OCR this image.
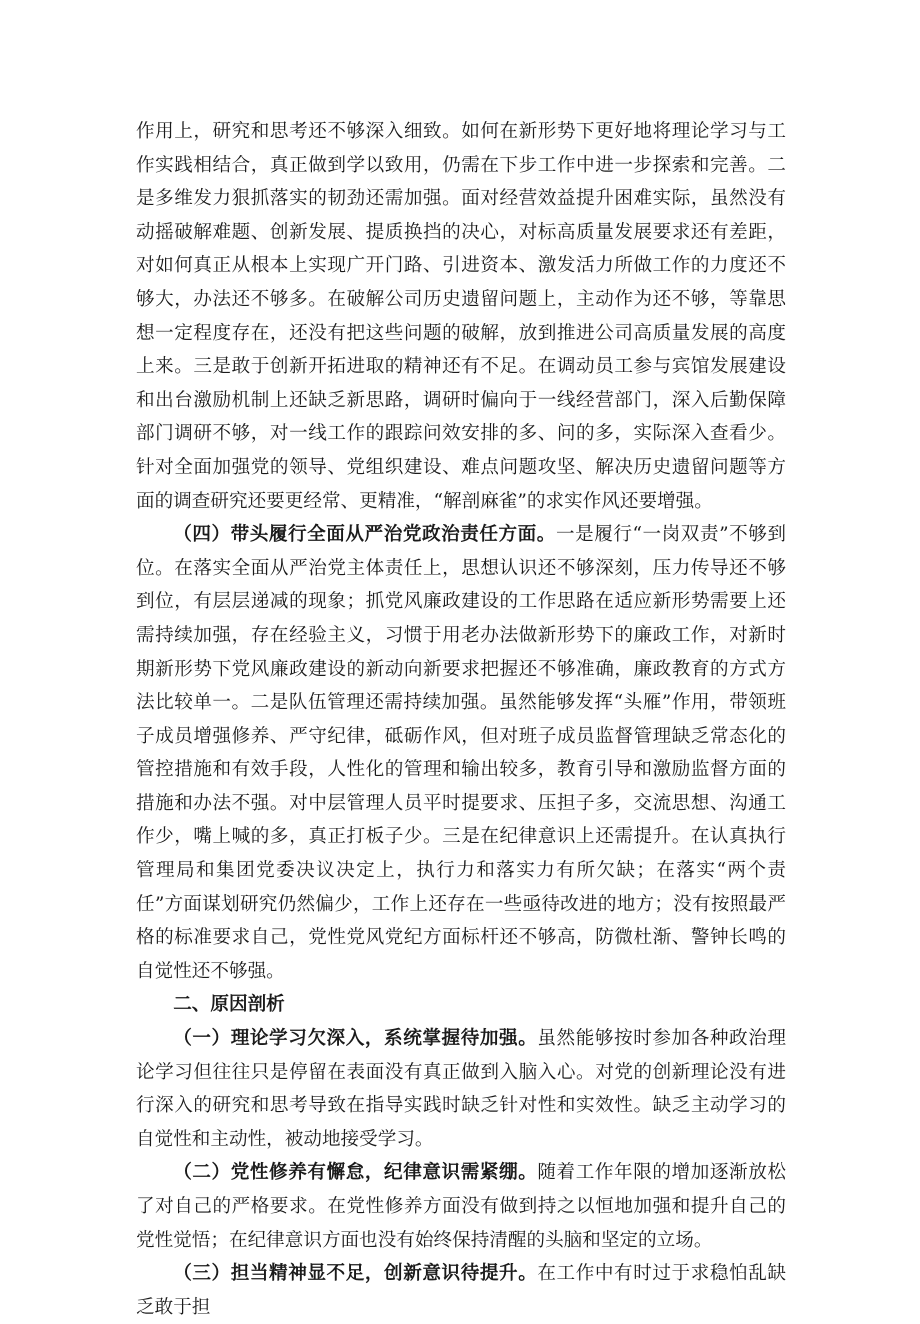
作用上，研究和思考还不够深入细致。如何在新形势下更好地将理论学习与工作实践相结合，真正做到学以致用，仍需在下步工作中进一步探索和完善。二是多维发力狠抓落实的韧劲还需加强。面对经营效益提升困难实际，虽然没有动摇破解难题、创新发展、提质换挡的决心，对标高质量发展要求还有差距，对如何真正从根本上实现广开门路、引进资本、激发活力所做工作的力度还不够大，办法还不够多。在破解公司历史遗留问题上，主动作为还不够，等靠思想一定程度存在，还没有把这些问题的破解，放到推进公司高质量发展的高度上来。三是敢于创新开拓进取的精神还有不足。在调动员工参与宾馆发展建设和出台激励机制上还缺乏新思路，调研时偏向于一线经营部门，深入后勤保障部门调研不够，对一线工作的跟踪问效安排的多、问的多，实际深入查看少。针对全面加强党的领导、党组织建设、难点问题攻坚、解决历史遗留问题等方面的调查研究还要更经常、更精准，“解剖麻雀”的求实作风还要增强。

（四）带头履行全面从严治党政治责任方面。一是履行“一岗双责”不够到位。在落实全面从严治党主体责任上，思想认识还不够深刻，压力传导还不够到位，有层层递减的现象；抓党风廉政建设的工作思路在适应新形势需要上还需持续加强，存在经验主义，习惯于用老办法做新形势下的廉政工作，对新时期新形势下党风廉政建设的新动向新要求把握还不够准确，廉政教育的方式方法比较单一。二是队伍管理还需持续加强。虽然能够发挥“头雁”作用，带领班子成员增强修养、严守纪律，砥砺作风，但对班子成员监督管理缺乏常态化的管控措施和有效手段，人性化的管理和输出较多，教育引导和激励监督方面的措施和办法不强。对中层管理人员平时提要求、压担子多，交流思想、沟通工作少，嘴上喊的多，真正打板子少。三是在纪律意识上还需提升。在认真执行管理局和集团党委决议决定上，执行力和落实力有所欠缺；在落实“两个责任”方面谋划研究仍然偏少，工作上还存在一些亟待改进的地方；没有按照最严格的标准要求自己，党性党风党纪方面标杆还不够高，防微杜渐、警钟长鸣的自觉性还不够强。

二、原因剖析

（一）理论学习欠深入，系统掌握待加强。虽然能够按时参加各种政治理论学习但往往只是停留在表面没有真正做到入脑入心。对党的创新理论没有进行深入的研究和思考导致在指导实践时缺乏针对性和实效性。缺乏主动学习的自觉性和主动性，被动地接受学习。

（二）党性修养有懈怠，纪律意识需紧绷。随着工作年限的增加逐渐放松了对自己的严格要求。在党性修养方面没有做到持之以恒地加强和提升自己的党性觉悟；在纪律意识方面也没有始终保持清醒的头脑和坚定的立场。

（三）担当精神显不足，创新意识待提升。在工作中有时过于求稳怕乱缺乏敢于担
